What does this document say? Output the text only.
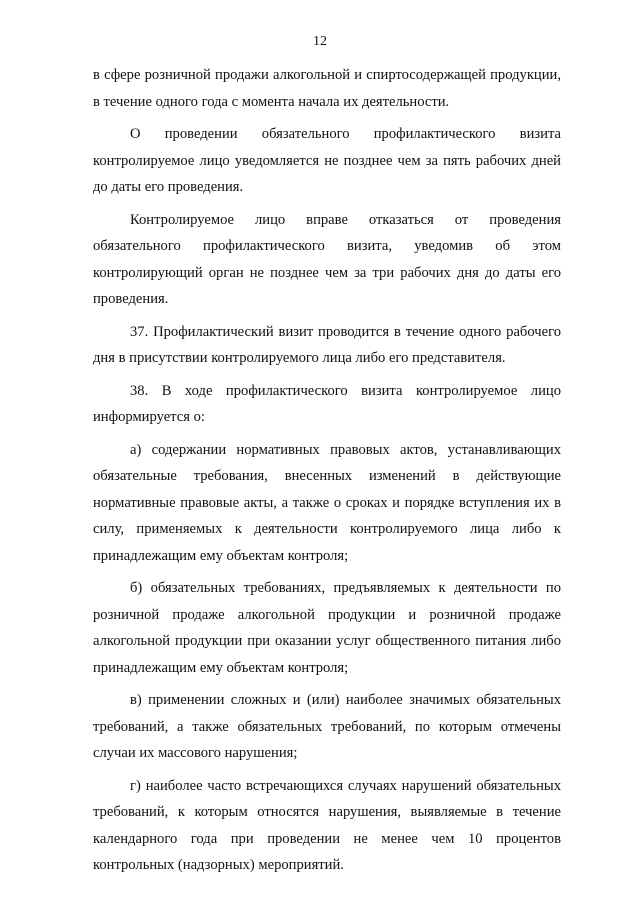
12

в сфере розничной продажи алкогольной и спиртосодержащей продукции, в течение одного года с момента начала их деятельности.

О проведении обязательного профилактического визита контролируемое лицо уведомляется не позднее чем за пять рабочих дней до даты его проведения.

Контролируемое лицо вправе отказаться от проведения обязательного профилактического визита, уведомив об этом контролирующий орган не позднее чем за три рабочих дня до даты его проведения.

37. Профилактический визит проводится в течение одного рабочего дня в присутствии контролируемого лица либо его представителя.

38. В ходе профилактического визита контролируемое лицо информируется о:

а) содержании нормативных правовых актов, устанавливающих обязательные требования, внесенных изменений в действующие нормативные правовые акты, а также о сроках и порядке вступления их в силу, применяемых к деятельности контролируемого лица либо к принадлежащим ему объектам контроля;

б) обязательных требованиях, предъявляемых к деятельности по розничной продаже алкогольной продукции и розничной продаже алкогольной продукции при оказании услуг общественного питания либо принадлежащим ему объектам контроля;

в) применении сложных и (или) наиболее значимых обязательных требований, а также обязательных требований, по которым отмечены случаи их массового нарушения;

г) наиболее часто встречающихся случаях нарушений обязательных требований, к которым относятся нарушения, выявляемые в течение календарного года при проведении не менее чем 10 процентов контрольных (надзорных) мероприятий.
